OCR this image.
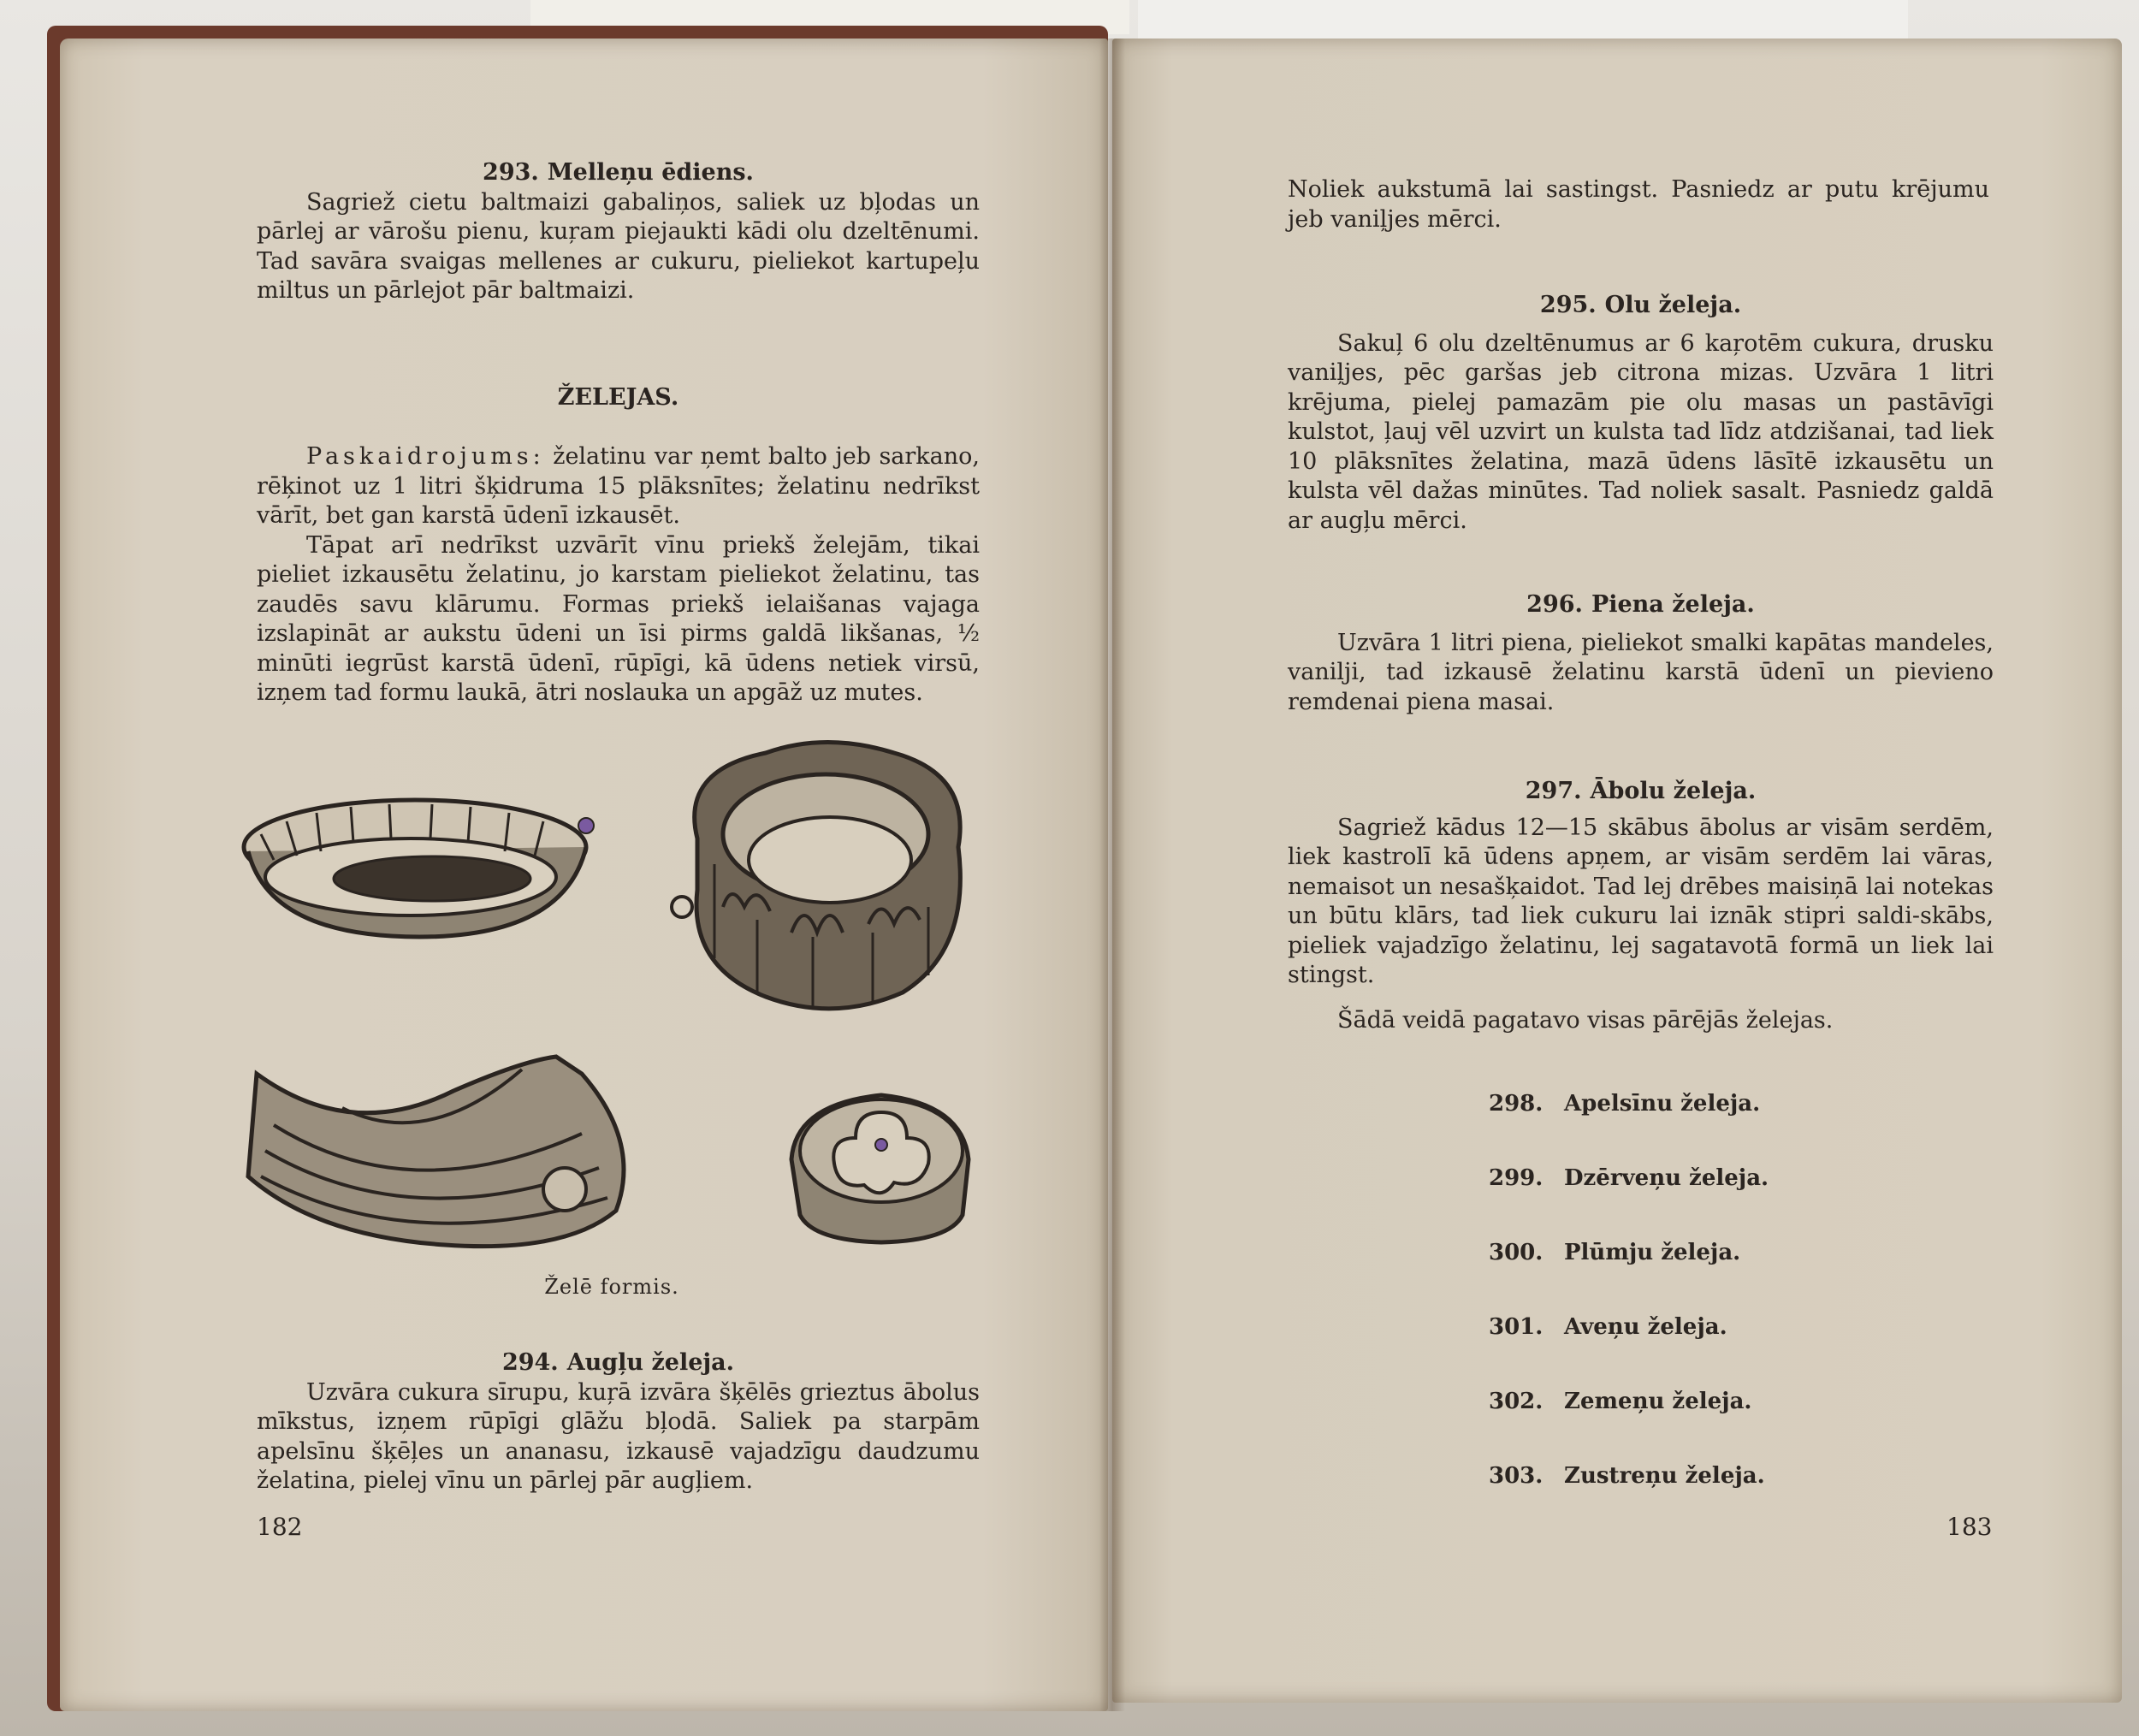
293. Melleņu ēdiens.

Sagriež cietu baltmaizi gabaliņos, saliek uz bļodas un pārlej ar vārošu pienu, kuŗam piejaukti kādi olu dzeltēnumi. Tad savāra svaigas mellenes ar cukuru, pieliekot kartupeļu miltus un pārlejot pār baltmaizi.

ŽELEJAS.

Paskaidrojums: želatinu var ņemt balto jeb sarkano, rēķinot uz 1 litri šķidruma 15 plāksnītes; želatinu nedrīkst vārīt, bet gan karstā ūdenī izkausēt.

Tāpat arī nedrīkst uzvārīt vīnu priekš želejām, tikai pieliet izkausētu želatinu, jo karstam pieliekot želatinu, tas zaudēs savu klārumu. Formas priekš ielaišanas vajaga izslapināt ar aukstu ūdeni un īsi pirms galdā likšanas, ½ minūti iegrūst karstā ūdenī, rūpīgi, kā ūdens netiek virsū, izņem tad formu laukā, ātri noslauka un apgāž uz mutes.

Želē formis.

294. Augļu želeja.

Uzvāra cukura sīrupu, kuŗā izvāra šķēlēs grieztus ābolus mīkstus, izņem rūpīgi glāžu bļodā. Saliek pa starpām apelsīnu šķēļes un ananasu, izkausē vajadzīgu daudzumu želatina, pielej vīnu un pārlej pār augļiem.

182

Noliek aukstumā lai sastingst. Pasniedz ar putu krējumu jeb vaniļjes mērci.

295. Olu želeja.

Sakuļ 6 olu dzeltēnumus ar 6 kaŗotēm cukura, drusku vaniļjes, pēc garšas jeb citrona mizas. Uzvāra 1 litri krējuma, pielej pamazām pie olu masas un pastāvīgi kulstot, ļauj vēl uzvirt un kulsta tad līdz atdzišanai, tad liek 10 plāksnītes želatina, mazā ūdens lāsītē izkausētu un kulsta vēl dažas minūtes. Tad noliek sasalt. Pasniedz galdā ar augļu mērci.

296. Piena želeja.

Uzvāra 1 litri piena, pieliekot smalki kapātas mandeles, vanilji, tad izkausē želatinu karstā ūdenī un pievieno remdenai piena masai.

297. Ābolu želeja.

Sagriež kādus 12—15 skābus ābolus ar visām serdēm, liek kastrolī kā ūdens apņem, ar visām serdēm lai vāras, nemaisot un nesašķaidot. Tad lej drēbes maisiņā lai notekas un būtu klārs, tad liek cukuru lai iznāk stipri saldi-skābs, pieliek vajadzīgo želatinu, lej sagatavotā formā un liek lai stingst.

Šādā veidā pagatavo visas pārējās želejas.

298. Apelsīnu želeja.
299. Dzērveņu želeja.
300. Plūmju želeja.
301. Aveņu želeja.
302. Zemeņu želeja.
303. Zustreņu želeja.
183
